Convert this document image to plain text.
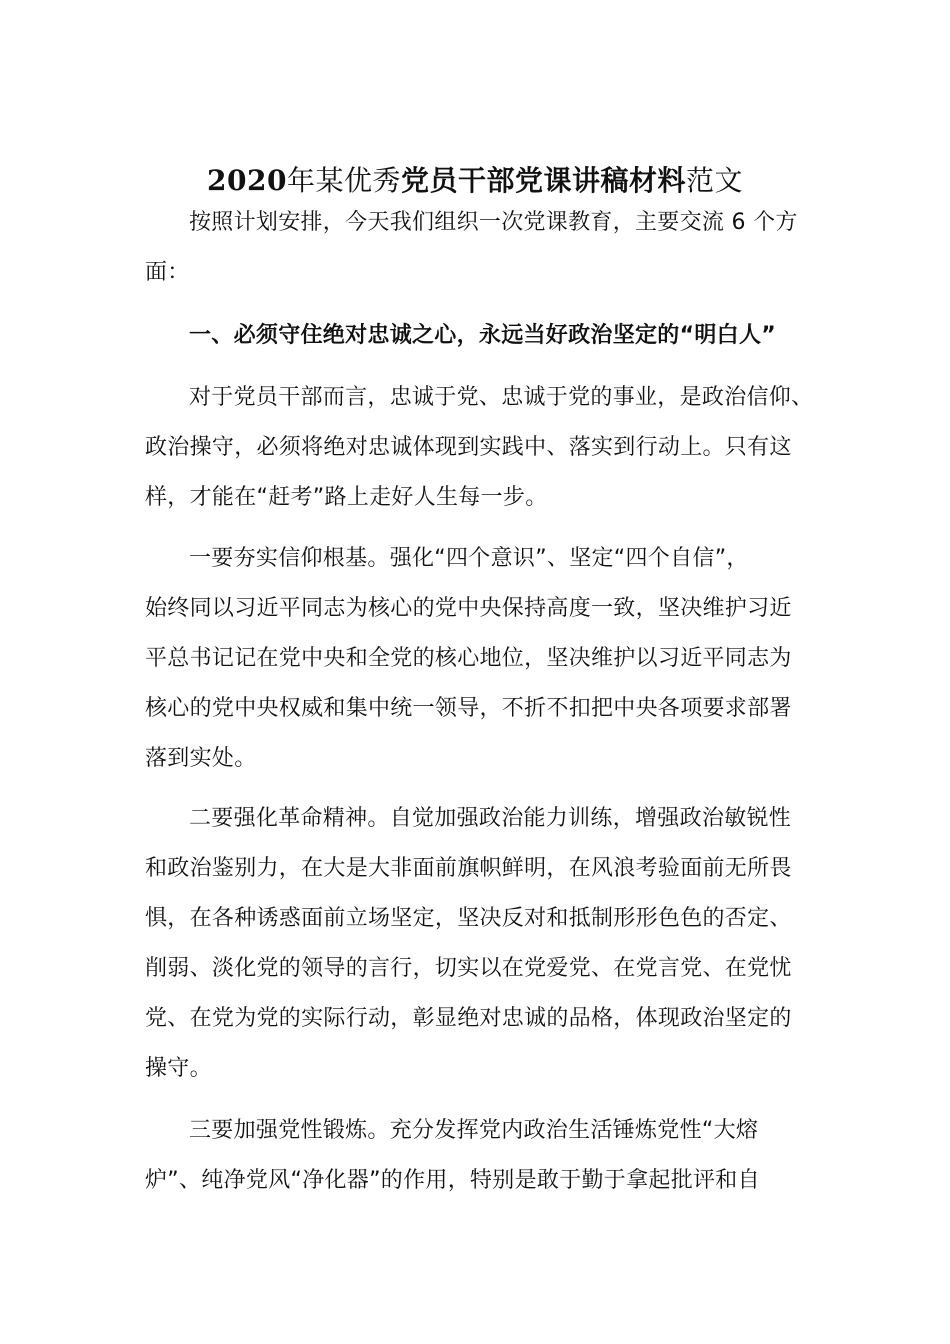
2020年某优秀党员干部党课讲稿材料范文

按照计划安排，今天我们组织一次党课教育，主要交流 6 个方
面：

一、必须守住绝对忠诚之心，永远当好政治坚定的“明白人”

对于党员干部而言，忠诚于党、忠诚于党的事业，是政治信仰、
政治操守，必须将绝对忠诚体现到实践中、落实到行动上。只有这
样，才能在“赶考”路上走好人生每一步。

一要夯实信仰根基。强化“四个意识”、坚定“四个自信”，
始终同以习近平同志为核心的党中央保持高度一致，坚决维护习近
平总书记记在党中央和全党的核心地位，坚决维护以习近平同志为
核心的党中央权威和集中统一领导，不折不扣把中央各项要求部署
落到实处。

二要强化革命精神。自觉加强政治能力训练，增强政治敏锐性
和政治鉴别力，在大是大非面前旗帜鲜明，在风浪考验面前无所畏
惧，在各种诱惑面前立场坚定，坚决反对和抵制形形色色的否定、
削弱、淡化党的领导的言行，切实以在党爱党、在党言党、在党忧
党、在党为党的实际行动，彰显绝对忠诚的品格，体现政治坚定的
操守。

三要加强党性锻炼。充分发挥党内政治生活锤炼党性“大熔
炉”、纯净党风“净化器”的作用，特别是敢于勤于拿起批评和自
